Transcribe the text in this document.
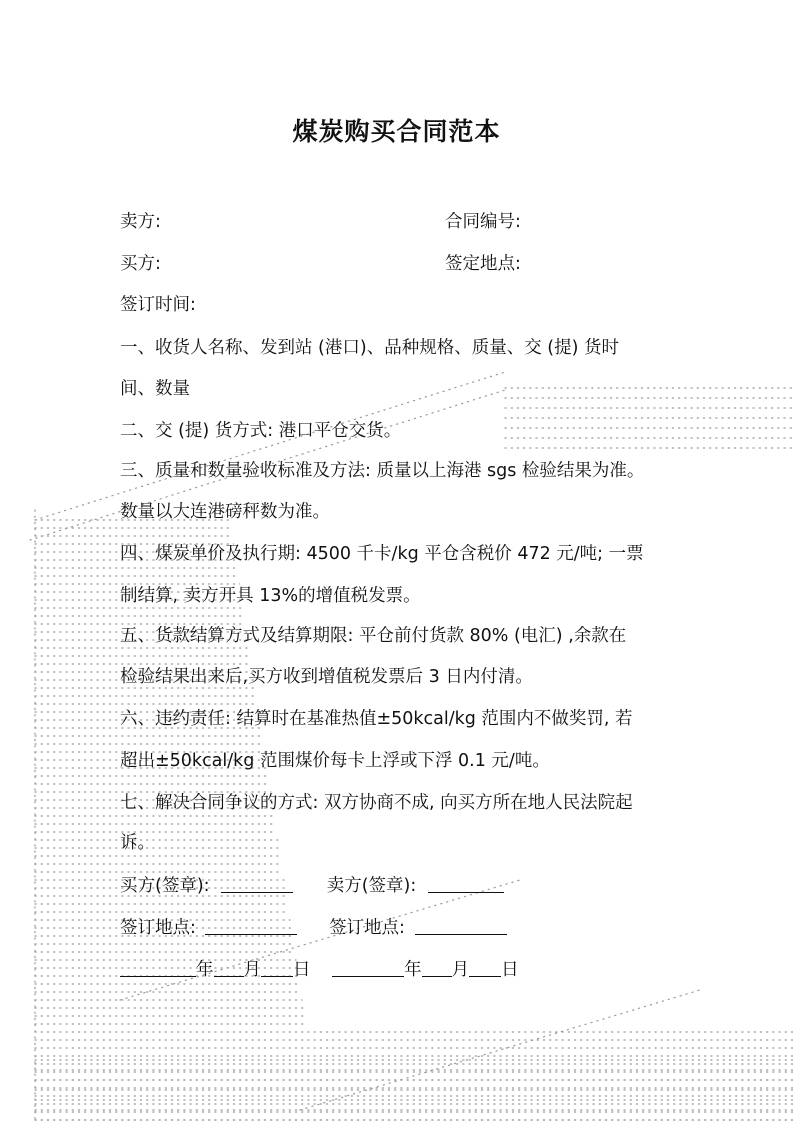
煤炭购买合同范本
卖方:	合同编号:
买方:	签定地点:
签订时间:
一、收货人名称、发到站 (港口)、品种规格、质量、交 (提) 货时
间、数量
二、交 (提) 货方式: 港口平仓交货。
三、质量和数量验收标准及方法: 质量以上海港 sgs 检验结果为准。
数量以大连港磅秤数为准。
四、煤炭单价及执行期: 4500 千卡/kg 平仓含税价 472 元/吨; 一票
制结算, 卖方开具 13%的增值税发票。
五、货款结算方式及结算期限: 平仓前付货款 80% (电汇) ,余款在
检验结果出来后,买方收到增值税发票后 3 日内付清。
六、违约责任: 结算时在基准热值±50kcal/kg 范围内不做奖罚, 若
超出±50kcal/kg 范围煤价每卡上浮或下浮 0.1 元/吨。
七、解决合同争议的方式: 双方协商不成, 向买方所在地人民法院起
诉。
买方(签章):	卖方(签章):
签订地点:	签订地点:
年 月 日	年 月 日
